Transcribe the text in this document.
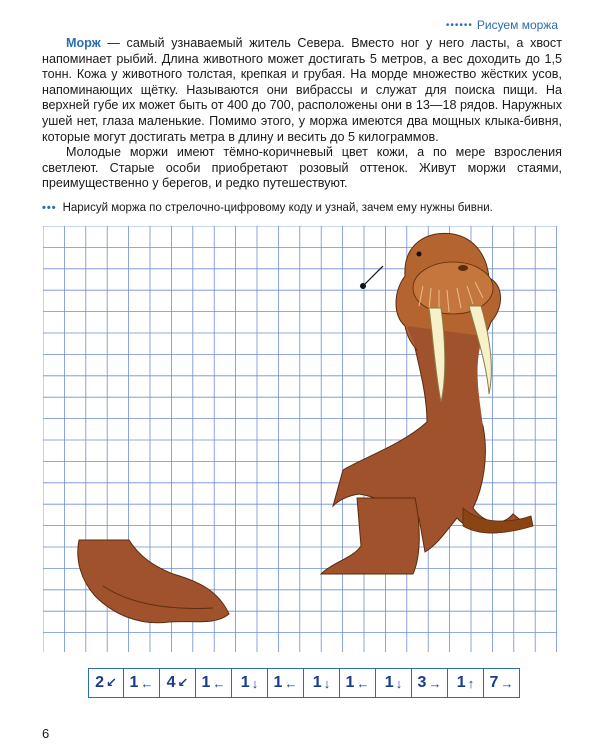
•••••• Рисуем моржа

Морж — самый узнаваемый житель Севера. Вместо ног у него ласты, а хвост напоминает рыбий. Длина животного может достигать 5 метров, а вес доходить до 1,5 тонн. Кожа у животного толстая, крепкая и грубая. На морде множество жёстких усов, напоминающих щётку. Называются они вибрассы и служат для поиска пищи. На верхней губе их может быть от 400 до 700, расположены они в 13—18 рядов. Наружных ушей нет, глаза маленькие. Помимо этого, у моржа имеются два мощных клыка-бивня, которые могут достигать метра в длину и весить до 5 килограммов.

Молодые моржи имеют тёмно-коричневый цвет кожи, а по мере взросления светлеют. Старые особи приобретают розовый оттенок. Живут моржи стаями, преимущественно у берегов, и редко путешествуют.

••• Нарисуй моржа по стрелочно-цифровому коду и узнай, зачем ему нужны бивни.
2 ↙ 1 ← 4 ↙ 1 ← 1 ↓ 1 ← 1 ↓ 1 ← 1 ↓ 3 → 1 ↑ 7 →
6
